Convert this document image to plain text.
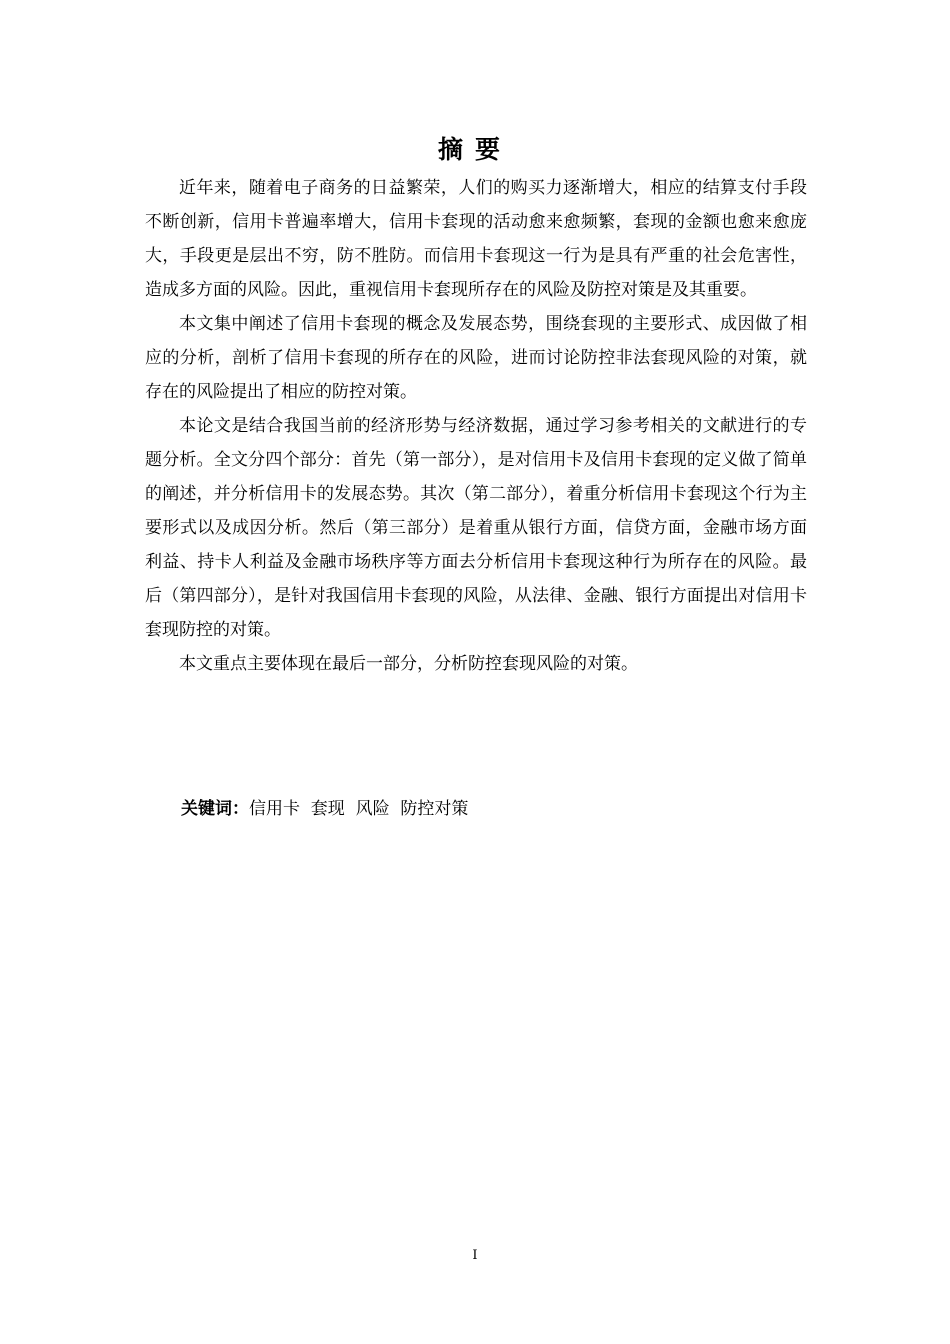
摘要

近年来，随着电子商务的日益繁荣，人们的购买力逐渐增大，相应的结算支付手段不断创新，信用卡普遍率增大，信用卡套现的活动愈来愈频繁，套现的金额也愈来愈庞大，手段更是层出不穷，防不胜防。而信用卡套现这一行为是具有严重的社会危害性，造成多方面的风险。因此，重视信用卡套现所存在的风险及防控对策是及其重要。

本文集中阐述了信用卡套现的概念及发展态势，围绕套现的主要形式、成因做了相应的分析，剖析了信用卡套现的所存在的风险，进而讨论防控非法套现风险的对策，就存在的风险提出了相应的防控对策。

本论文是结合我国当前的经济形势与经济数据，通过学习参考相关的文献进行的专题分析。全文分四个部分：首先（第一部分），是对信用卡及信用卡套现的定义做了简单的阐述，并分析信用卡的发展态势。其次（第二部分），着重分析信用卡套现这个行为主要形式以及成因分析。然后（第三部分）是着重从银行方面，信贷方面，金融市场方面利益、持卡人利益及金融市场秩序等方面去分析信用卡套现这种行为所存在的风险。最后（第四部分），是针对我国信用卡套现的风险，从法律、金融、银行方面提出对信用卡套现防控的对策。

本文重点主要体现在最后一部分，分析防控套现风险的对策。

关键词：信用卡  套现  风险  防控对策
I
